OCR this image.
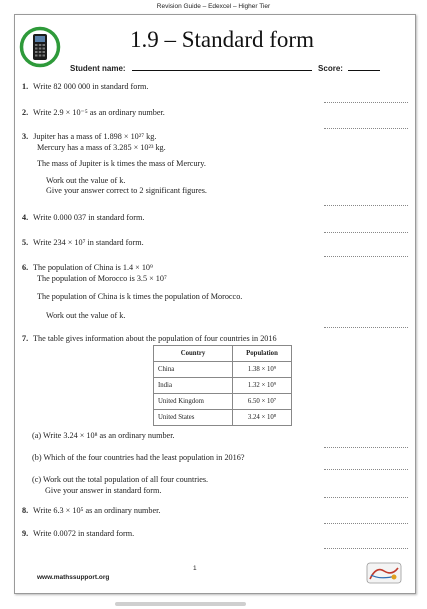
Revision Guide – Edexcel – Higher Tier
1.9 – Standard form
Student name:	Score:
1. Write 82 000 000 in standard form.
2. Write 2.9 × 10⁻⁵ as an ordinary number.
3. Jupiter has a mass of 1.898 × 10²⁷ kg.
Mercury has a mass of 3.285 × 10²³ kg.
The mass of Jupiter is k times the mass of Mercury.
Work out the value of k.
Give your answer correct to 2 significant figures.
4. Write 0.000 037 in standard form.
5. Write 234 × 10⁷ in standard form.
6. The population of China is 1.4 × 10⁹
The population of Morocco is 3.5 × 10⁷
The population of China is k times the population of Morocco.
Work out the value of k.
7. The table gives information about the population of four countries in 2016
Country	Population
China	1.38 × 10⁹
India	1.32 × 10⁹
United Kingdom	6.50 × 10⁷
United States	3.24 × 10⁸
(a) Write 3.24 × 10⁸ as an ordinary number.
(b) Which of the four countries had the least population in 2016?
(c) Work out the total population of all four countries.
Give your answer in standard form.
8. Write 6.3 × 10⁵ as an ordinary number.
9. Write 0.0072 in standard form.
1
www.mathssupport.org
